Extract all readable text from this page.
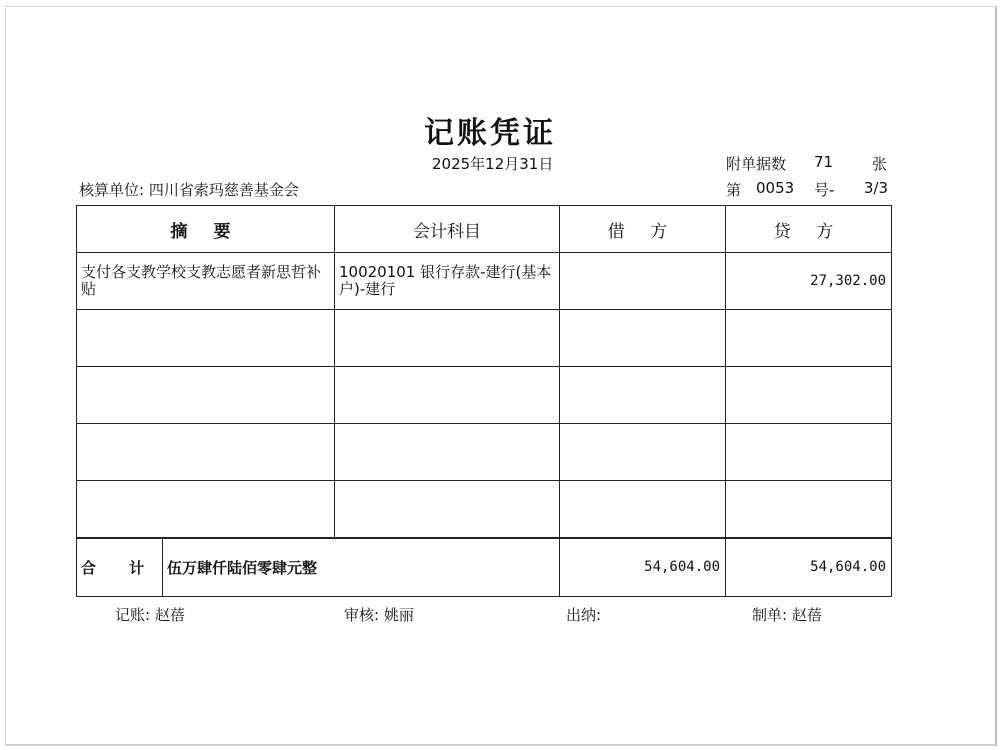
记账凭证
2025年12月31日	附单据数 71	张
核算单位: 四川省索玛慈善基金会	第 0053 号- 3/3
摘 要	会计科目	借 方	贷 方
支付各支教学校支教志愿者新思哲补贴	10020101 银行存款-建行(基本户)-建行		27,302.00

合 计 伍万肆仟陆佰零肆元整		54,604.00	54,604.00
记账: 赵蓓	审核: 姚丽	出纳:	制单: 赵蓓
